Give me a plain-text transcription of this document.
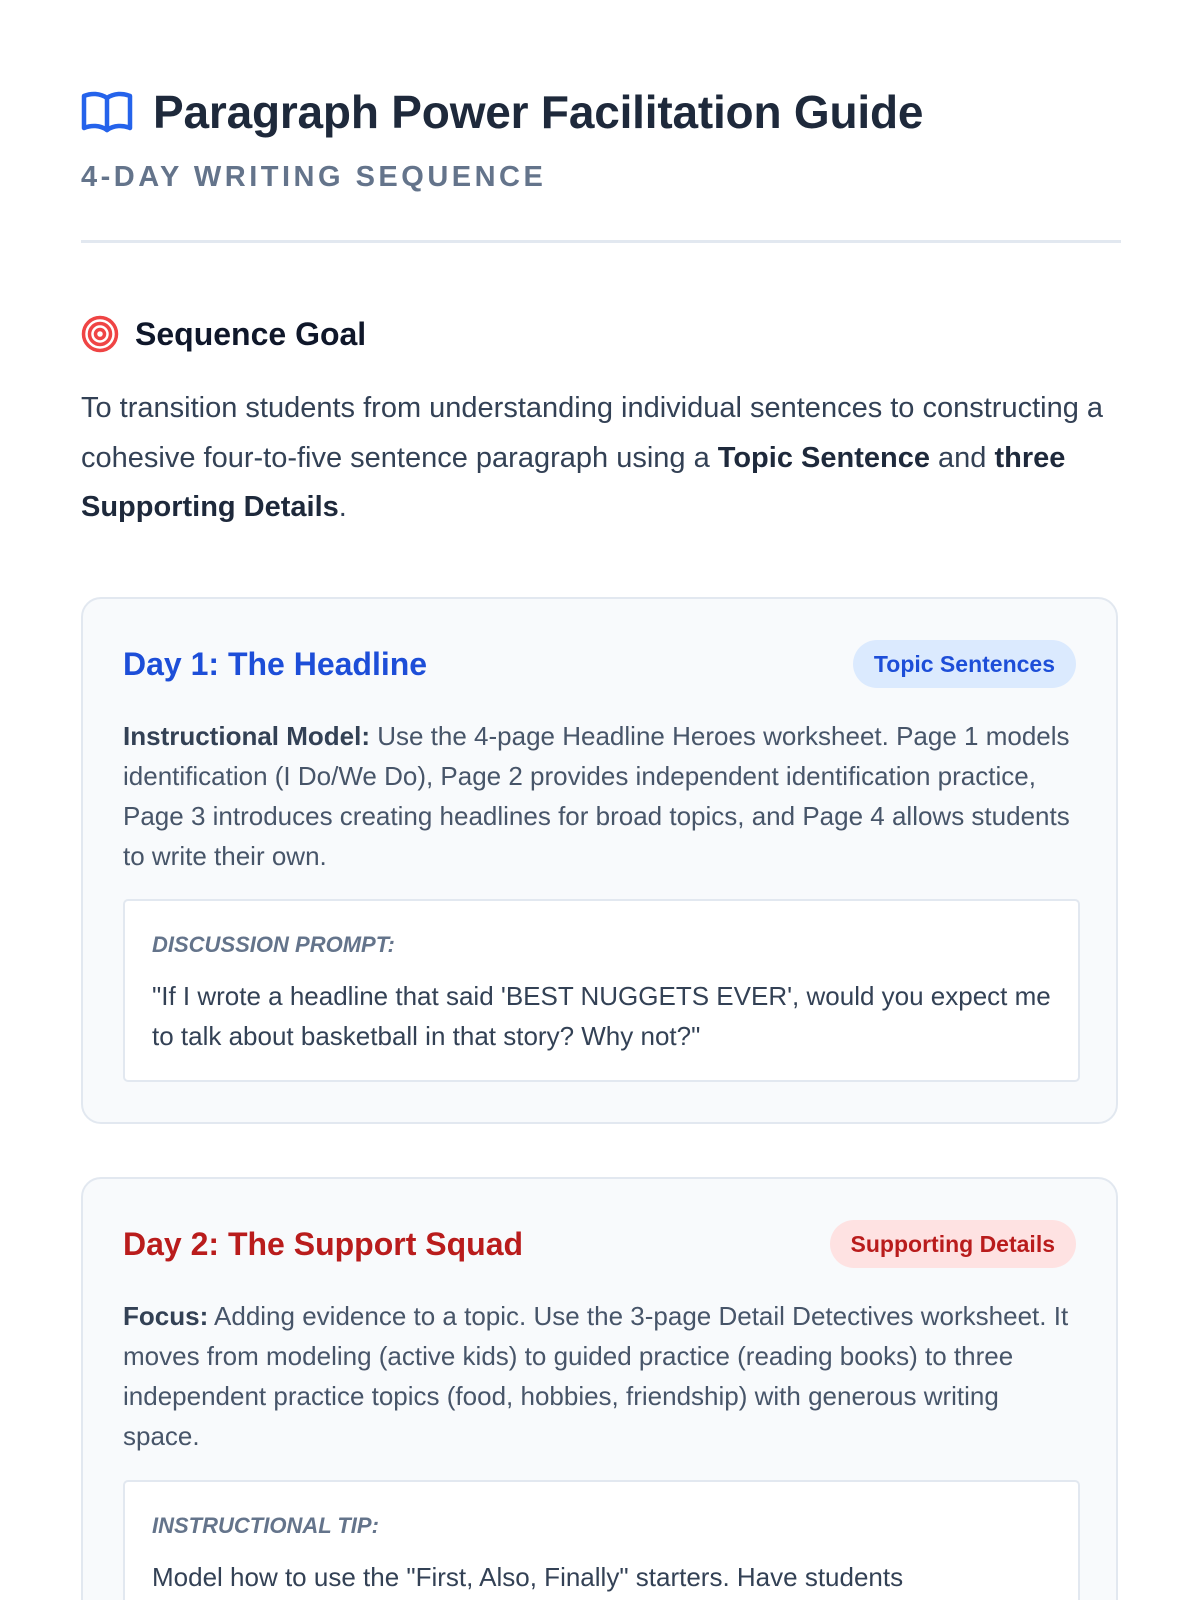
Paragraph Power Facilitation Guide
4-DAY WRITING SEQUENCE
Sequence Goal

To transition students from understanding individual sentences to constructing a cohesive four-to-five sentence paragraph using a Topic Sentence and three Supporting Details.

Day 1: The Headline	Topic Sentences

Instructional Model: Use the 4-page Headline Heroes worksheet. Page 1 models identification (I Do/We Do), Page 2 provides independent identification practice, Page 3 introduces creating headlines for broad topics, and Page 4 allows students to write their own.

DISCUSSION PROMPT:

"If I wrote a headline that said 'BEST NUGGETS EVER', would you expect me to talk about basketball in that story? Why not?"

Day 2: The Support Squad	Supporting Details

Focus: Adding evidence to a topic. Use the 3-page Detail Detectives worksheet. It moves from modeling (active kids) to guided practice (reading books) to three independent practice topics (food, hobbies, friendship) with generous writing space.

INSTRUCTIONAL TIP:

Model how to use the "First, Also, Finally" starters. Have students
